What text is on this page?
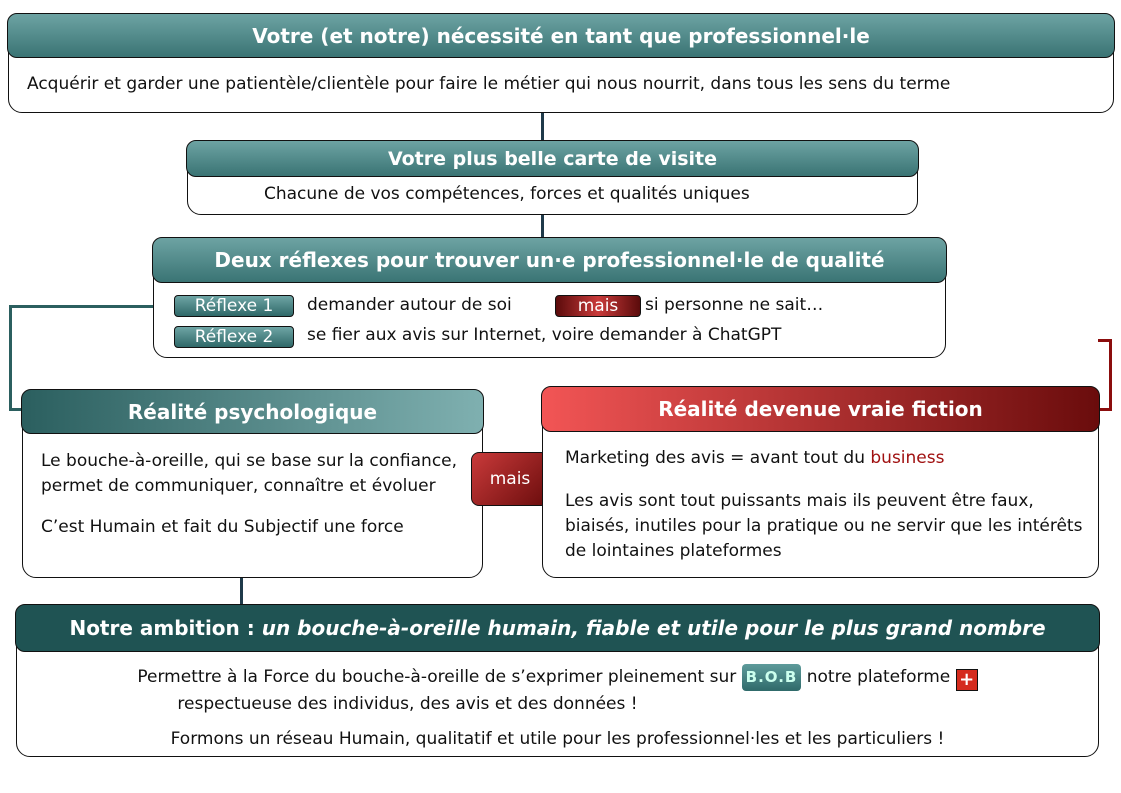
Votre (et notre) nécessité en tant que professionnel·le
Acquérir et garder une patientèle/clientèle pour faire le métier qui nous nourrit, dans tous les sens du terme
Votre plus belle carte de visite
Chacune de vos compétences, forces et qualités uniques
Deux réflexes pour trouver un·e professionnel·le de qualité
Réflexe 1	demander autour de soi	mais	si personne ne sait…
Réflexe 2	se fier aux avis sur Internet, voire demander à ChatGPT
Réalité psychologique

Le bouche-à-oreille, qui se base sur la confiance, permet de communiquer, connaître et évoluer

C’est Humain et fait du Subjectif une force

mais
Réalité devenue vraie fiction

Marketing des avis = avant tout du business

Les avis sont tout puissants mais ils peuvent être faux, biaisés, inutiles pour la pratique ou ne servir que les intérêts de lointaines plateformes

Notre ambition : un bouche-à-oreille humain, fiable et utile pour le plus grand nombre

Permettre à la Force du bouche-à-oreille de s’exprimer pleinement sur B.O.B notre plateforme +

respectueuse des individus, des avis et des données !

Formons un réseau Humain, qualitatif et utile pour les professionnel·les et les particuliers !
